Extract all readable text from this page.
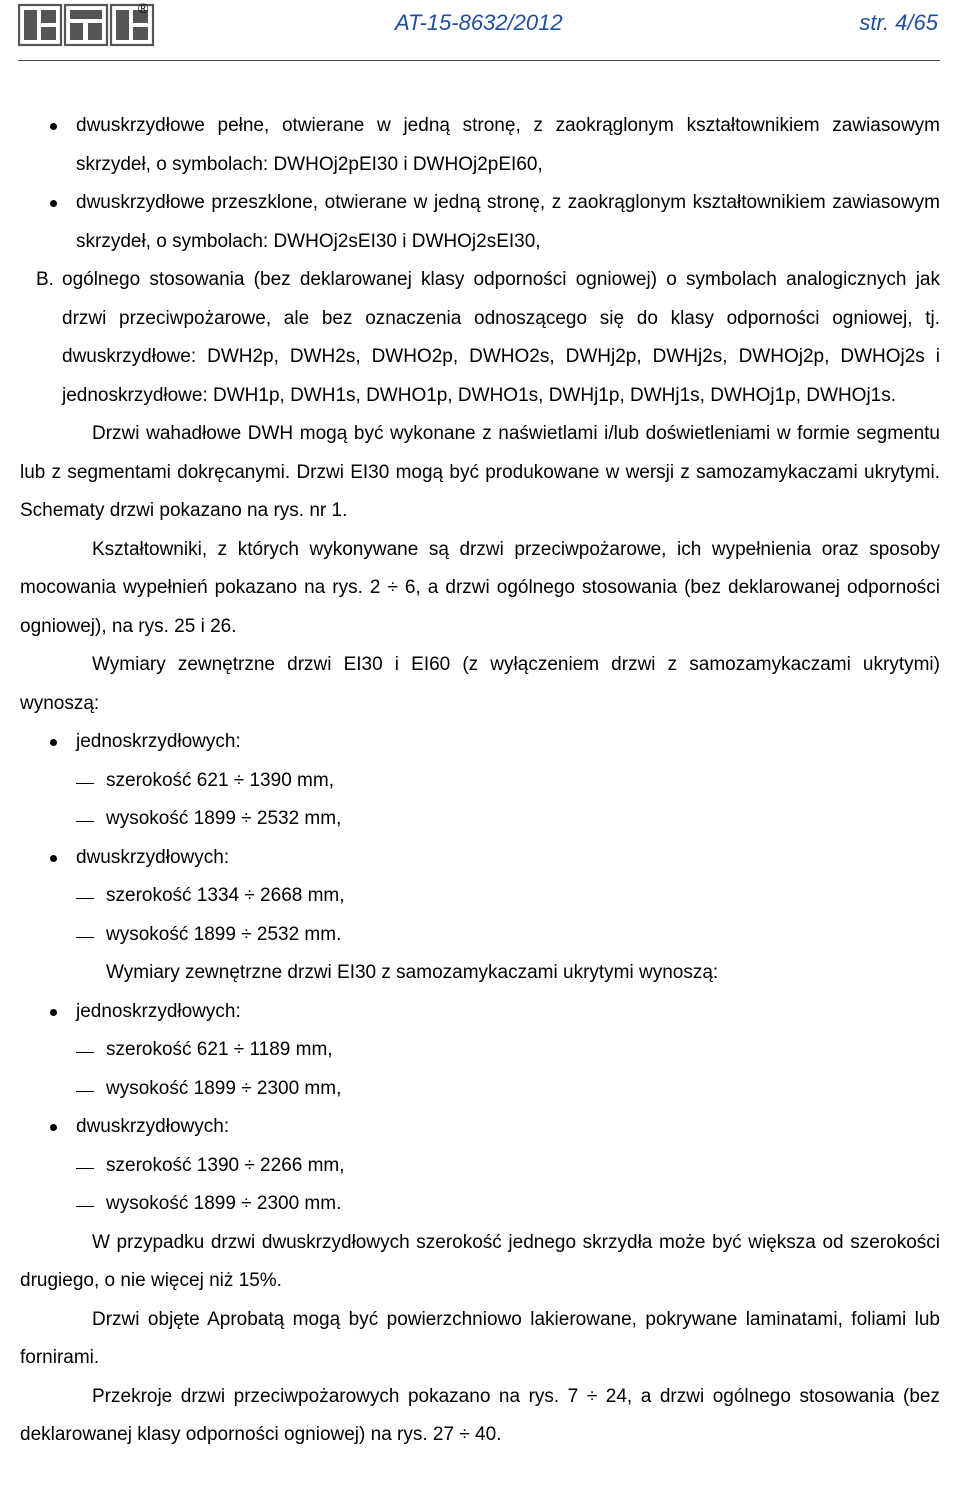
®
AT-15-8632/2012	str. 4/65

dwuskrzydłowe pełne, otwierane w jedną stronę, z zaokrąglonym kształtownikiem zawiasowym skrzydeł, o symbolach: DWHOj2pEI30 i DWHOj2pEI60,

dwuskrzydłowe przeszklone, otwierane w jedną stronę, z zaokrąglonym kształtownikiem zawiasowym skrzydeł, o symbolach: DWHOj2sEI30 i DWHOj2sEI30,

B. ogólnego stosowania (bez deklarowanej klasy odporności ogniowej) o symbolach analogicznych jak drzwi przeciwpożarowe, ale bez oznaczenia odnoszącego się do klasy odporności ogniowej, tj. dwuskrzydłowe: DWH2p, DWH2s, DWHO2p, DWHO2s, DWHj2p, DWHj2s, DWHOj2p, DWHOj2s i jednoskrzydłowe: DWH1p, DWH1s, DWHO1p, DWHO1s, DWHj1p, DWHj1s, DWHOj1p, DWHOj1s.

Drzwi wahadłowe DWH mogą być wykonane z naświetlami i/lub doświetleniami w formie segmentu lub z segmentami dokręcanymi. Drzwi EI30 mogą być produkowane w wersji z samozamykaczami ukrytymi. Schematy drzwi pokazano na rys. nr 1.

Kształtowniki, z których wykonywane są drzwi przeciwpożarowe, ich wypełnienia oraz sposoby mocowania wypełnień pokazano na rys. 2 ÷ 6, a drzwi ogólnego stosowania (bez deklarowanej odporności ogniowej), na rys. 25 i 26.

Wymiary zewnętrzne drzwi EI30 i EI60 (z wyłączeniem drzwi z samozamykaczami ukrytymi) wynoszą:

jednoskrzydłowych:

szerokość 621 ÷ 1390 mm,

wysokość 1899 ÷ 2532 mm,

dwuskrzydłowych:

szerokość 1334 ÷ 2668 mm,

wysokość 1899 ÷ 2532 mm.

Wymiary zewnętrzne drzwi EI30 z samozamykaczami ukrytymi wynoszą:

jednoskrzydłowych:

szerokość 621 ÷ 1189 mm,

wysokość 1899 ÷ 2300 mm,

dwuskrzydłowych:

szerokość 1390 ÷ 2266 mm,

wysokość 1899 ÷ 2300 mm.

W przypadku drzwi dwuskrzydłowych szerokość jednego skrzydła może być większa od szerokości drugiego, o nie więcej niż 15%.

Drzwi objęte Aprobatą mogą być powierzchniowo lakierowane, pokrywane laminatami, foliami lub fornirami.

Przekroje drzwi przeciwpożarowych pokazano na rys. 7 ÷ 24, a drzwi ogólnego stosowania (bez deklarowanej klasy odporności ogniowej) na rys. 27 ÷ 40.
